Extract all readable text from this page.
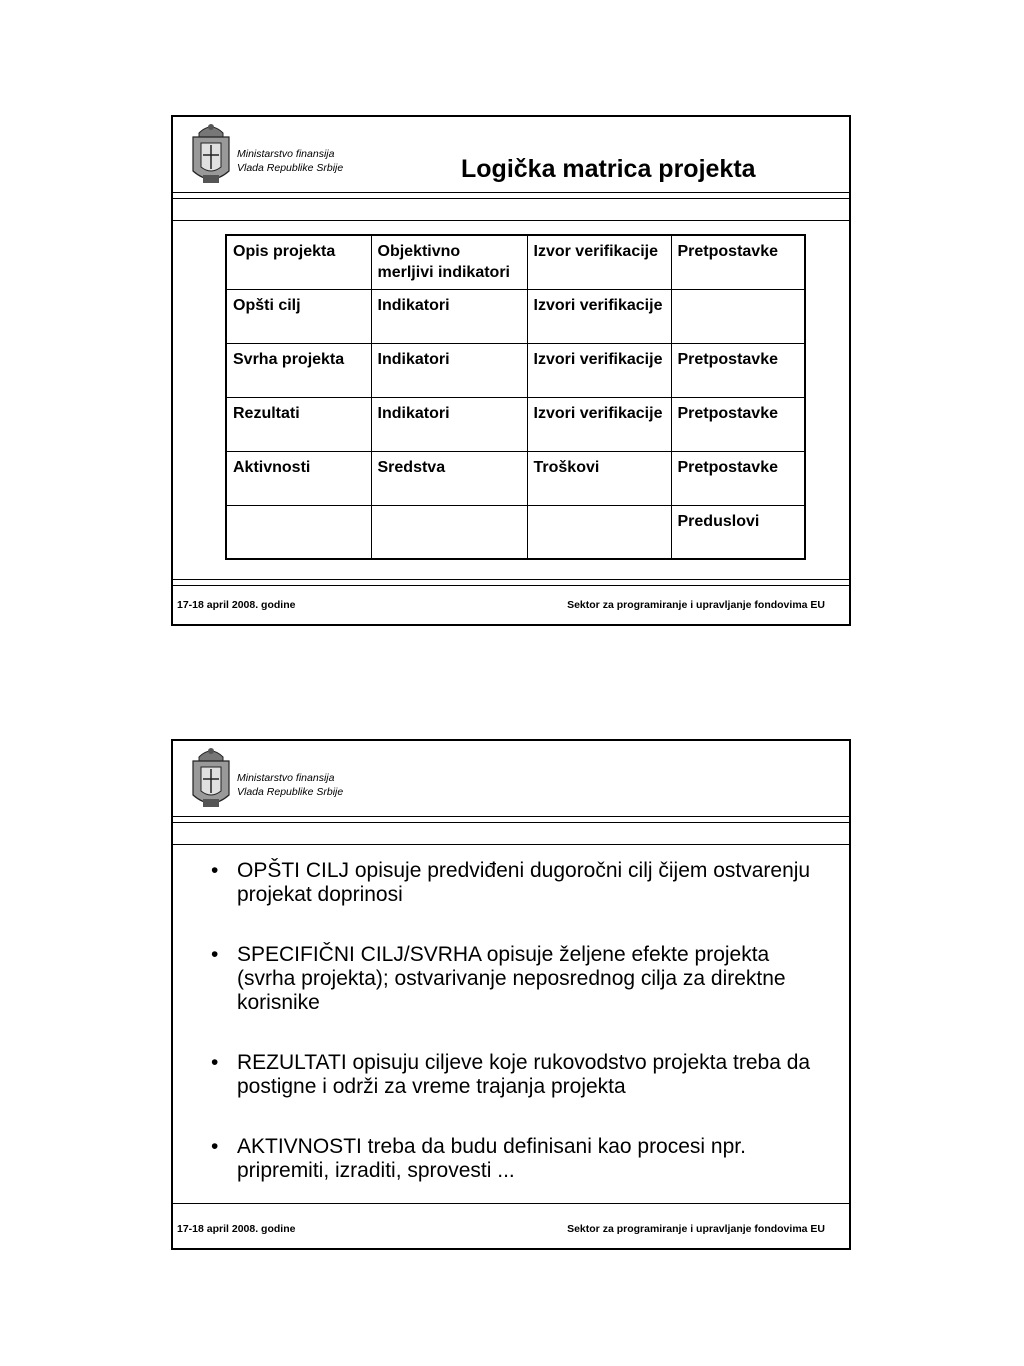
Ministarstvo finansija
Vlada Republike Srbije	Logička matrica projekta
Opis projekta	Objektivno merljivi indikatori	Izvor verifikacije	Pretpostavke
Opšti cilj	Indikatori	Izvori verifikacije	
Svrha projekta	Indikatori	Izvori verifikacije	Pretpostavke
Rezultati	Indikatori	Izvori verifikacije	Pretpostavke
Aktivnosti	Sredstva	Troškovi	Pretpostavke
			Preduslovi
17-18 april 2008. godine	Sektor za programiranje i upravljanje fondovima EU
Ministarstvo finansija
Vlada Republike Srbije
• OPŠTI CILJ opisuje predviđeni dugoročni cilj čijem ostvarenju projekat doprinosi
• SPECIFIČNI CILJ/SVRHA opisuje željene efekte projekta (svrha projekta); ostvarivanje neposrednog cilja za direktne korisnike
• REZULTATI opisuju ciljeve koje rukovodstvo projekta treba da postigne i održi za vreme trajanja projekta
• AKTIVNOSTI treba da budu definisani kao procesi npr. pripremiti, izraditi, sprovesti ...
17-18 april 2008. godine	Sektor za programiranje i upravljanje fondovima EU
